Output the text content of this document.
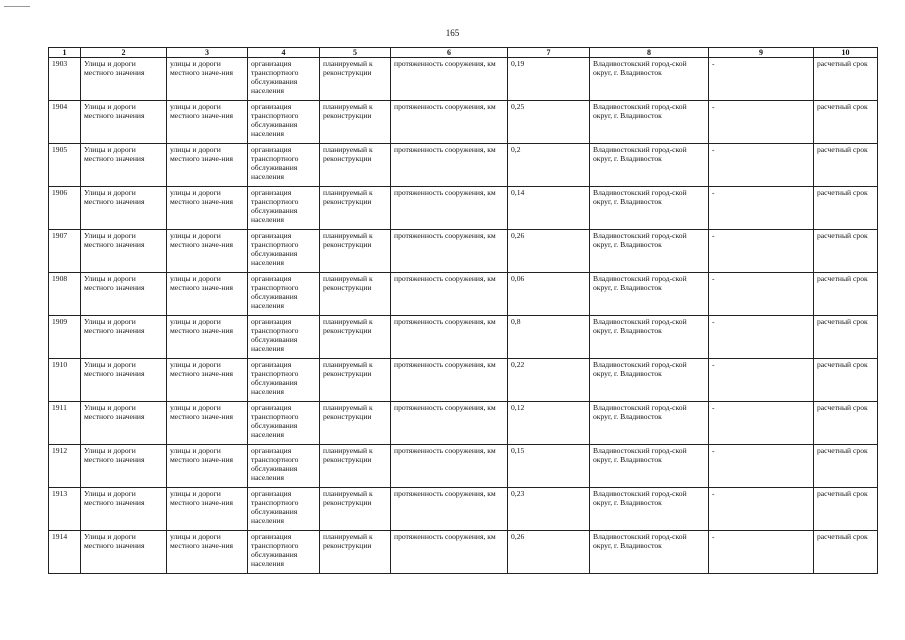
165
1	2	3	4	5	6	7	8	9	10
1903	Улицы и дороги местного значения	улицы и дороги местного значе-ния	организация транспортного обслуживания населения	планируемый к реконструкции	протяженность сооружения, км	0,19	Владивостокский город-ской округ, г. Владивосток	-	расчетный срок
1904	Улицы и дороги местного значения	улицы и дороги местного значе-ния	организация транспортного обслуживания населения	планируемый к реконструкции	протяженность сооружения, км	0,25	Владивостокский город-ской округ, г. Владивосток	-	расчетный срок
1905	Улицы и дороги местного значения	улицы и дороги местного значе-ния	организация транспортного обслуживания населения	планируемый к реконструкции	протяженность сооружения, км	0,2	Владивостокский город-ской округ, г. Владивосток	-	расчетный срок
1906	Улицы и дороги местного значения	улицы и дороги местного значе-ния	организация транспортного обслуживания населения	планируемый к реконструкции	протяженность сооружения, км	0,14	Владивостокский город-ской округ, г. Владивосток	-	расчетный срок
1907	Улицы и дороги местного значения	улицы и дороги местного значе-ния	организация транспортного обслуживания населения	планируемый к реконструкции	протяженность сооружения, км	0,26	Владивостокский город-ской округ, г. Владивосток	-	расчетный срок
1908	Улицы и дороги местного значения	улицы и дороги местного значе-ния	организация транспортного обслуживания населения	планируемый к реконструкции	протяженность сооружения, км	0,06	Владивостокский город-ской округ, г. Владивосток	-	расчетный срок
1909	Улицы и дороги местного значения	улицы и дороги местного значе-ния	организация транспортного обслуживания населения	планируемый к реконструкции	протяженность сооружения, км	0,8	Владивостокский город-ской округ, г. Владивосток	-	расчетный срок
1910	Улицы и дороги местного значения	улицы и дороги местного значе-ния	организация транспортного обслуживания населения	планируемый к реконструкции	протяженность сооружения, км	0,22	Владивостокский город-ской округ, г. Владивосток	-	расчетный срок
1911	Улицы и дороги местного значения	улицы и дороги местного значе-ния	организация транспортного обслуживания населения	планируемый к реконструкции	протяженность сооружения, км	0,12	Владивостокский город-ской округ, г. Владивосток	-	расчетный срок
1912	Улицы и дороги местного значения	улицы и дороги местного значе-ния	организация транспортного обслуживания населения	планируемый к реконструкции	протяженность сооружения, км	0,15	Владивостокский город-ской округ, г. Владивосток	-	расчетный срок
1913	Улицы и дороги местного значения	улицы и дороги местного значе-ния	организация транспортного обслуживания населения	планируемый к реконструкции	протяженность сооружения, км	0,23	Владивостокский город-ской округ, г. Владивосток	-	расчетный срок
1914	Улицы и дороги местного значения	улицы и дороги местного значе-ния	организация транспортного обслуживания населения	планируемый к реконструкции	протяженность сооружения, км	0,26	Владивостокский город-ской округ, г. Владивосток	-	расчетный срок
